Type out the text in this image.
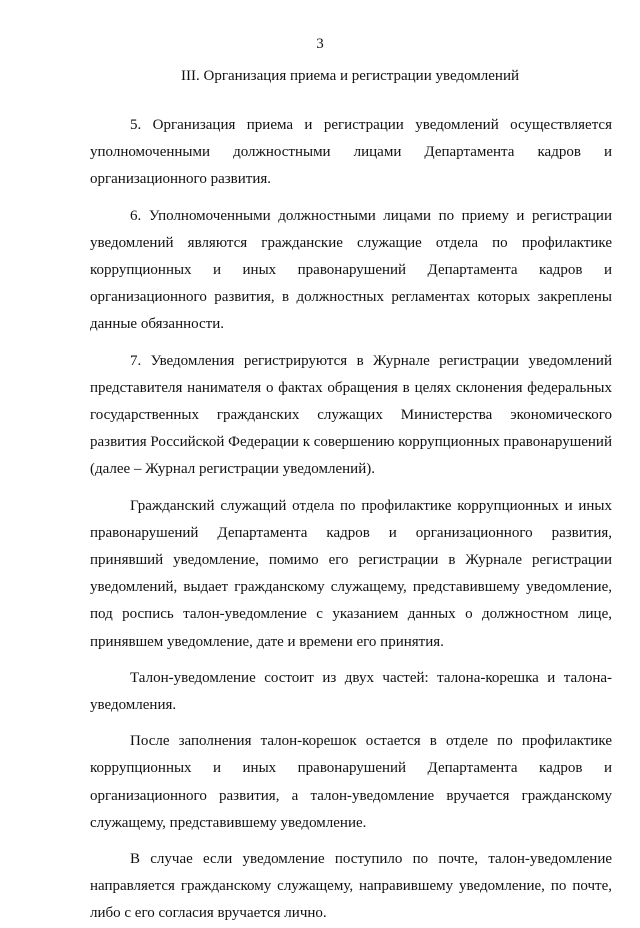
3
III. Организация приема и регистрации уведомлений

5. Организация приема и регистрации уведомлений осуществляется уполномоченными должностными лицами Департамента кадров и организационного развития.

6. Уполномоченными должностными лицами по приему и регистрации уведомлений являются гражданские служащие отдела по профилактике коррупционных и иных правонарушений Департамента кадров и организационного развития, в должностных регламентах которых закреплены данные обязанности.

7. Уведомления регистрируются в Журнале регистрации уведомлений представителя нанимателя о фактах обращения в целях склонения федеральных государственных гражданских служащих Министерства экономического развития Российской Федерации к совершению коррупционных правонарушений (далее – Журнал регистрации уведомлений).

Гражданский служащий отдела по профилактике коррупционных и иных правонарушений Департамента кадров и организационного развития, принявший уведомление, помимо его регистрации в Журнале регистрации уведомлений, выдает гражданскому служащему, представившему уведомление, под роспись талон-уведомление с указанием данных о должностном лице, принявшем уведомление, дате и времени его принятия.

Талон-уведомление состоит из двух частей: талона-корешка и талона-уведомления.

После заполнения талон-корешок остается в отделе по профилактике коррупционных и иных правонарушений Департамента кадров и организационного развития, а талон-уведомление вручается гражданскому служащему, представившему уведомление.

В случае если уведомление поступило по почте, талон-уведомление направляется гражданскому служащему, направившему уведомление, по почте, либо с его согласия вручается лично.
